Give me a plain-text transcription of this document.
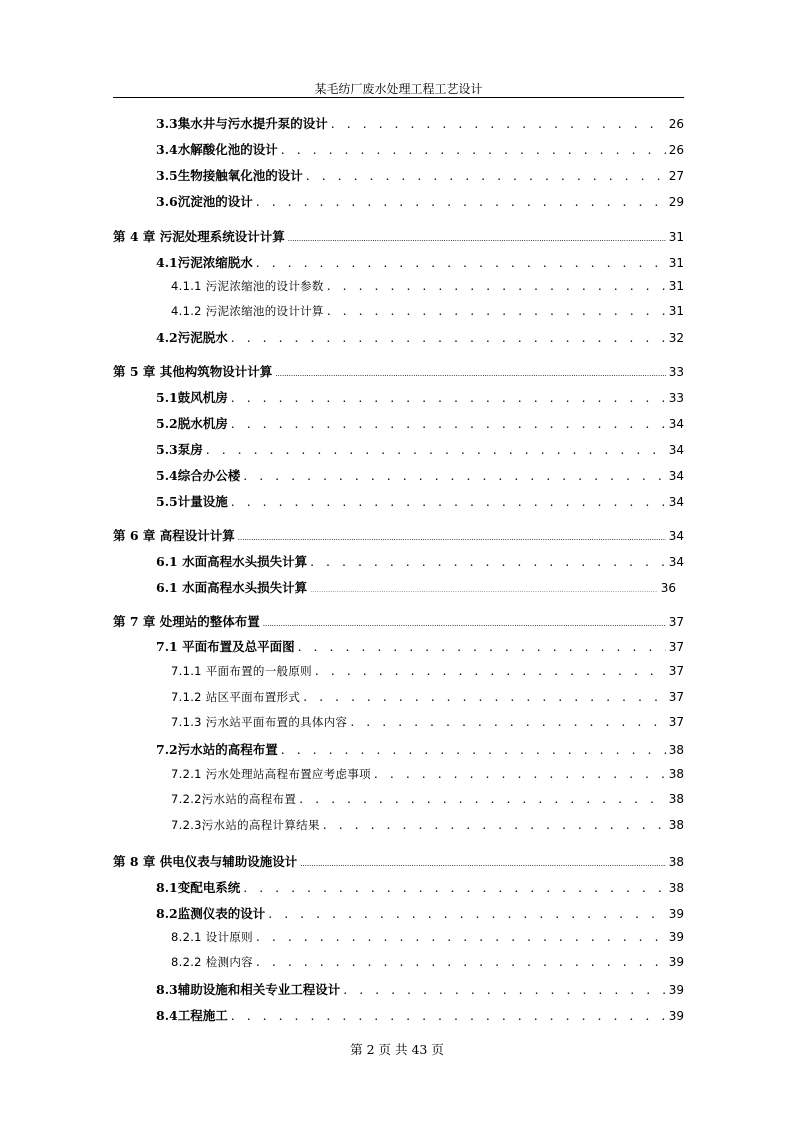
某毛纺厂废水处理工程工艺设计
3.3集水井与污水提升泵的设计 . . .	26
3.4水解酸化池的设计 . . .	26
3.5生物接触氧化池的设计 . . .	27
3.6沉淀池的设计 . . .	29
第 4 章 污泥处理系统设计计算 .....	31
4.1污泥浓缩脱水 . . .	31
4.1.1 污泥浓缩池的设计参数 . . .	31
4.1.2 污泥浓缩池的设计计算 . . .	31
4.2污泥脱水 . . .	32
第 5 章 其他构筑物设计计算 .....	33
5.1鼓风机房 . . .	33
5.2脱水机房 . . .	34
5.3泵房 . . .	34
5.4综合办公楼 . . .	34
5.5计量设施 . . .	34
第 6 章 高程设计计算 .....	34
6.1 水面高程水头损失计算 . . .	34
6.1 水面高程水头损失计算 .....	36
第 7 章 处理站的整体布置 .....	37
7.1 平面布置及总平面图 . . .	37
7.1.1 平面布置的一般原则 . . .	37
7.1.2 站区平面布置形式 . . .	37
7.1.3 污水站平面布置的具体内容 . . .	37
7.2污水站的高程布置 . . .	38
7.2.1 污水处理站高程布置应考虑事项 . . .	38
7.2.2污水站的高程布置 . . .	38
7.2.3污水站的高程计算结果 . . .	38
第 8 章 供电仪表与辅助设施设计 .....	38
8.1变配电系统 . . .	38
8.2监测仪表的设计 . . .	39
8.2.1 设计原则 . . .	39
8.2.2 检测内容 . . .	39
8.3辅助设施和相关专业工程设计 . . .	39
8.4工程施工 . . .	39
第 2 页 共 43 页
